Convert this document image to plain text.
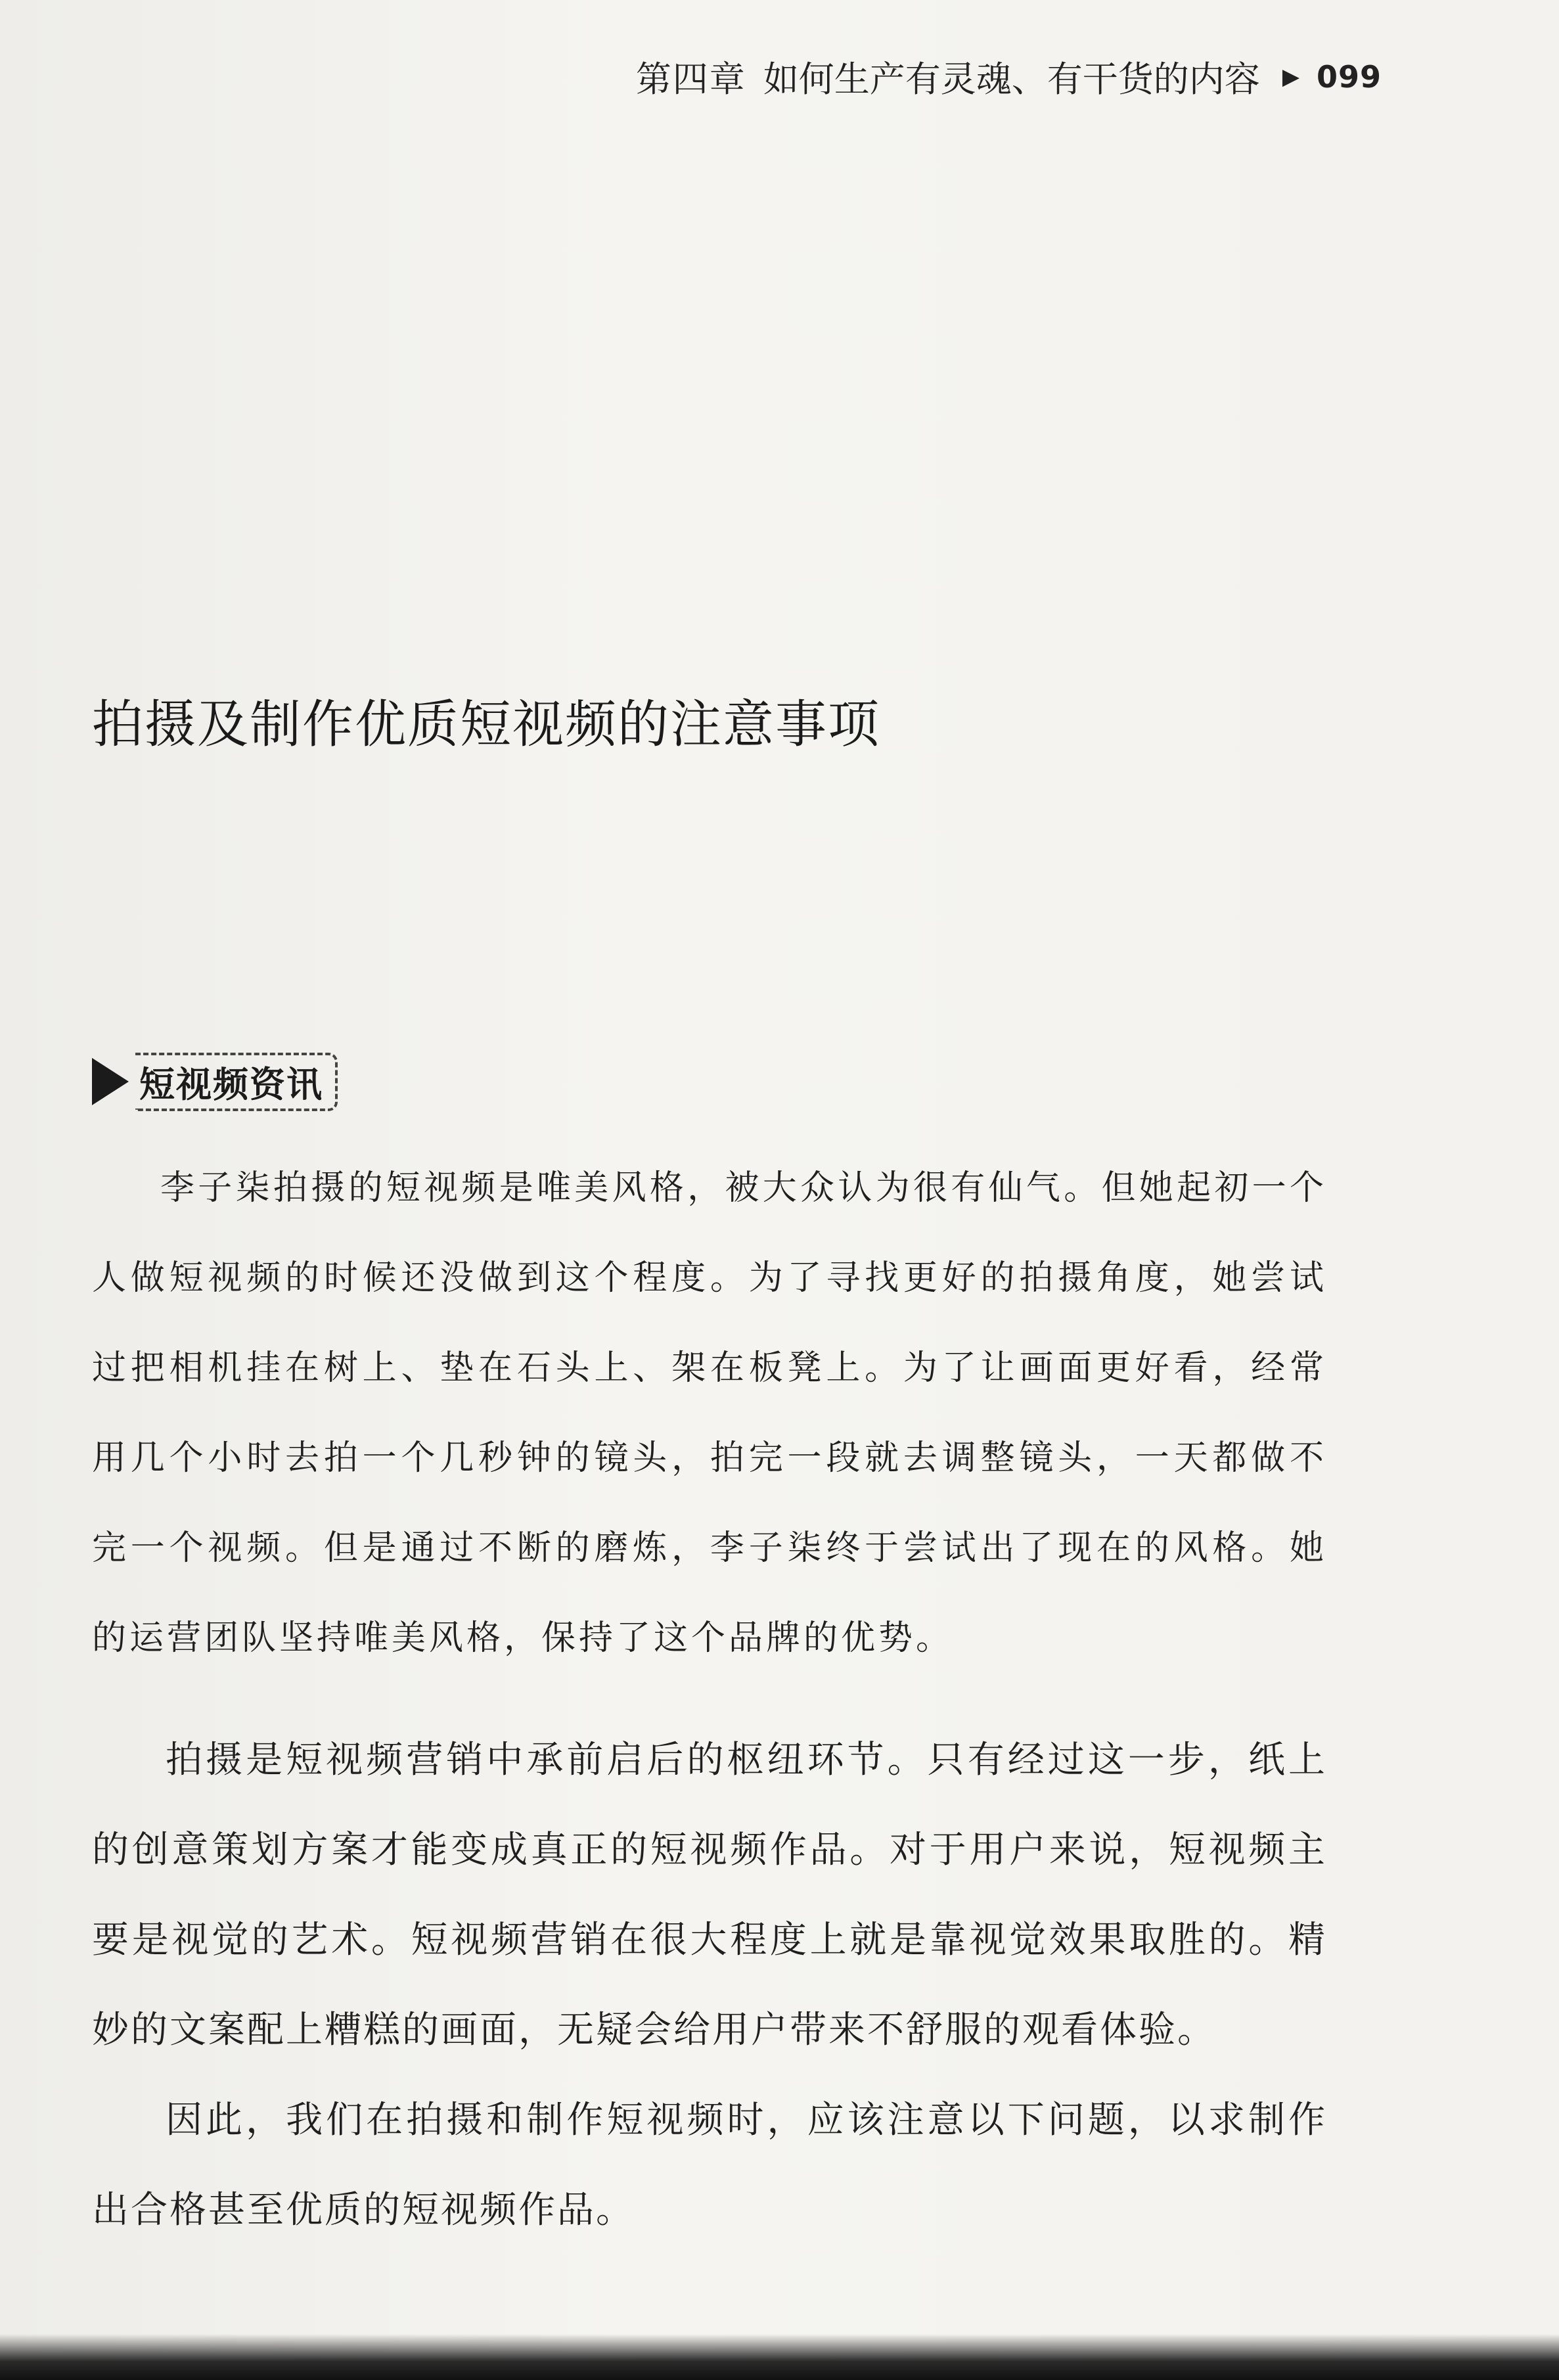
第四章 如何生产有灵魂、有干货的内容 ▶ 099
拍摄及制作优质短视频的注意事项
短视频资讯
李子柒拍摄的短视频是唯美风格，被大众认为很有仙气。但她起初一个人做短视频的时候还没做到这个程度。为了寻找更好的拍摄角度，她尝试过把相机挂在树上、垫在石头上、架在板凳上。为了让画面更好看，经常用几个小时去拍一个几秒钟的镜头，拍完一段就去调整镜头，一天都做不完一个视频。但是通过不断的磨炼，李子柒终于尝试出了现在的风格。她的运营团队坚持唯美风格，保持了这个品牌的优势。

拍摄是短视频营销中承前启后的枢纽环节。只有经过这一步，纸上的创意策划方案才能变成真正的短视频作品。对于用户来说，短视频主要是视觉的艺术。短视频营销在很大程度上就是靠视觉效果取胜的。精妙的文案配上糟糕的画面，无疑会给用户带来不舒服的观看体验。

因此，我们在拍摄和制作短视频时，应该注意以下问题，以求制作出合格甚至优质的短视频作品。
